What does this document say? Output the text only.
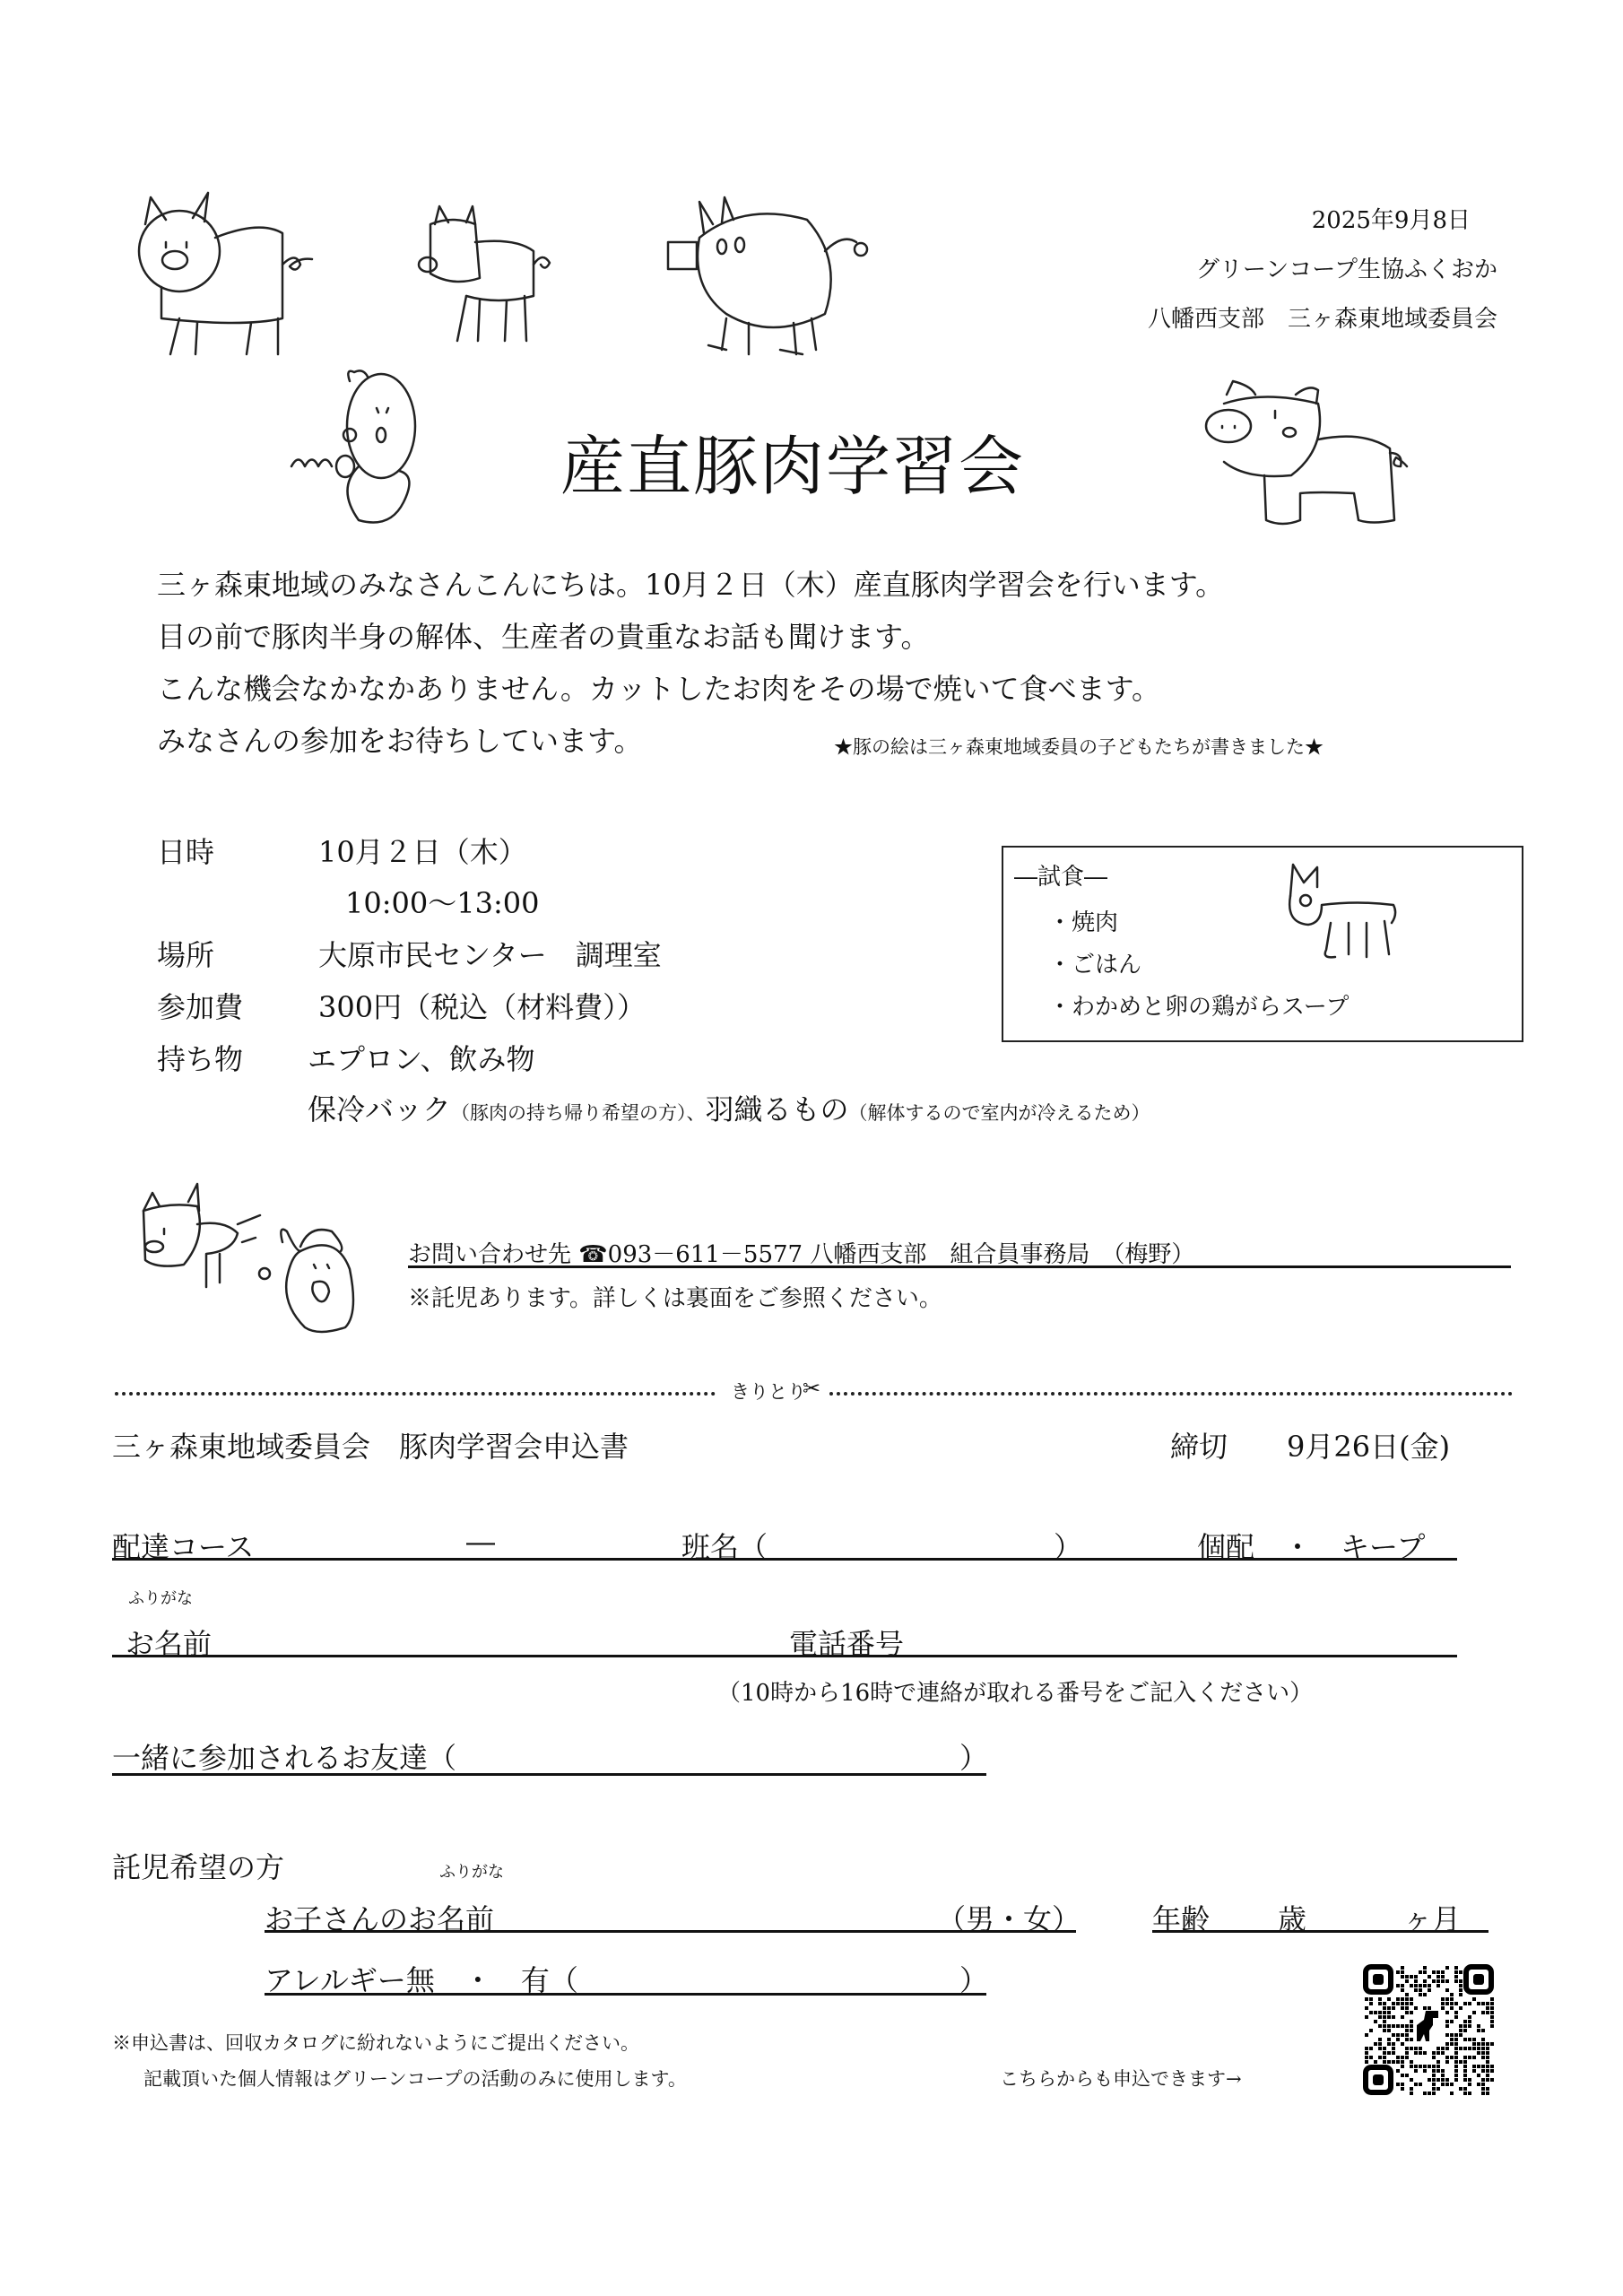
2025年9月8日
グリーンコープ生協ふくおか
八幡西支部　三ヶ森東地域委員会
産直豚肉学習会
三ヶ森東地域のみなさんこんにちは。10月２日（木）産直豚肉学習会を行います。
目の前で豚肉半身の解体、生産者の貴重なお話も聞けます。
こんな機会なかなかありません。カットしたお肉をその場で焼いて食べます。
みなさんの参加をお待ちしています。	★豚の絵は三ヶ森東地域委員の子どもたちが書きました★
日時	10月２日（木）
10:00〜13:00
場所	大原市民センター　調理室
参加費	300円（税込（材料費））
持ち物 エプロン、飲み物
保冷バック（豚肉の持ち帰り希望の方）、羽織るもの（解体するので室内が冷えるため）
―試食―
・焼肉
・ごはん
・わかめと卵の鶏がらスープ
お問い合わせ先 ☎093－611－5577 八幡西支部　組合員事務局　（梅野）
※託児あります。詳しくは裏面をご参照ください。
きりとり
✂
三ヶ森東地域委員会　豚肉学習会申込書	締切 9月26日(金)
配達コース	―	班名（	）	個配　・　キープ
ふりがな
お名前	電話番号
（10時から16時で連絡が取れる番号をご記入ください）
一緒に参加されるお友達（	）
託児希望の方	ふりがな
お子さんのお名前	（男・女） 年齢 歳	ヶ月
アレルギー無　・　有（	）
※申込書は、回収カタログに紛れないようにご提出ください。
記載頂いた個人情報はグリーンコープの活動のみに使用します。	こちらからも申込できます→
